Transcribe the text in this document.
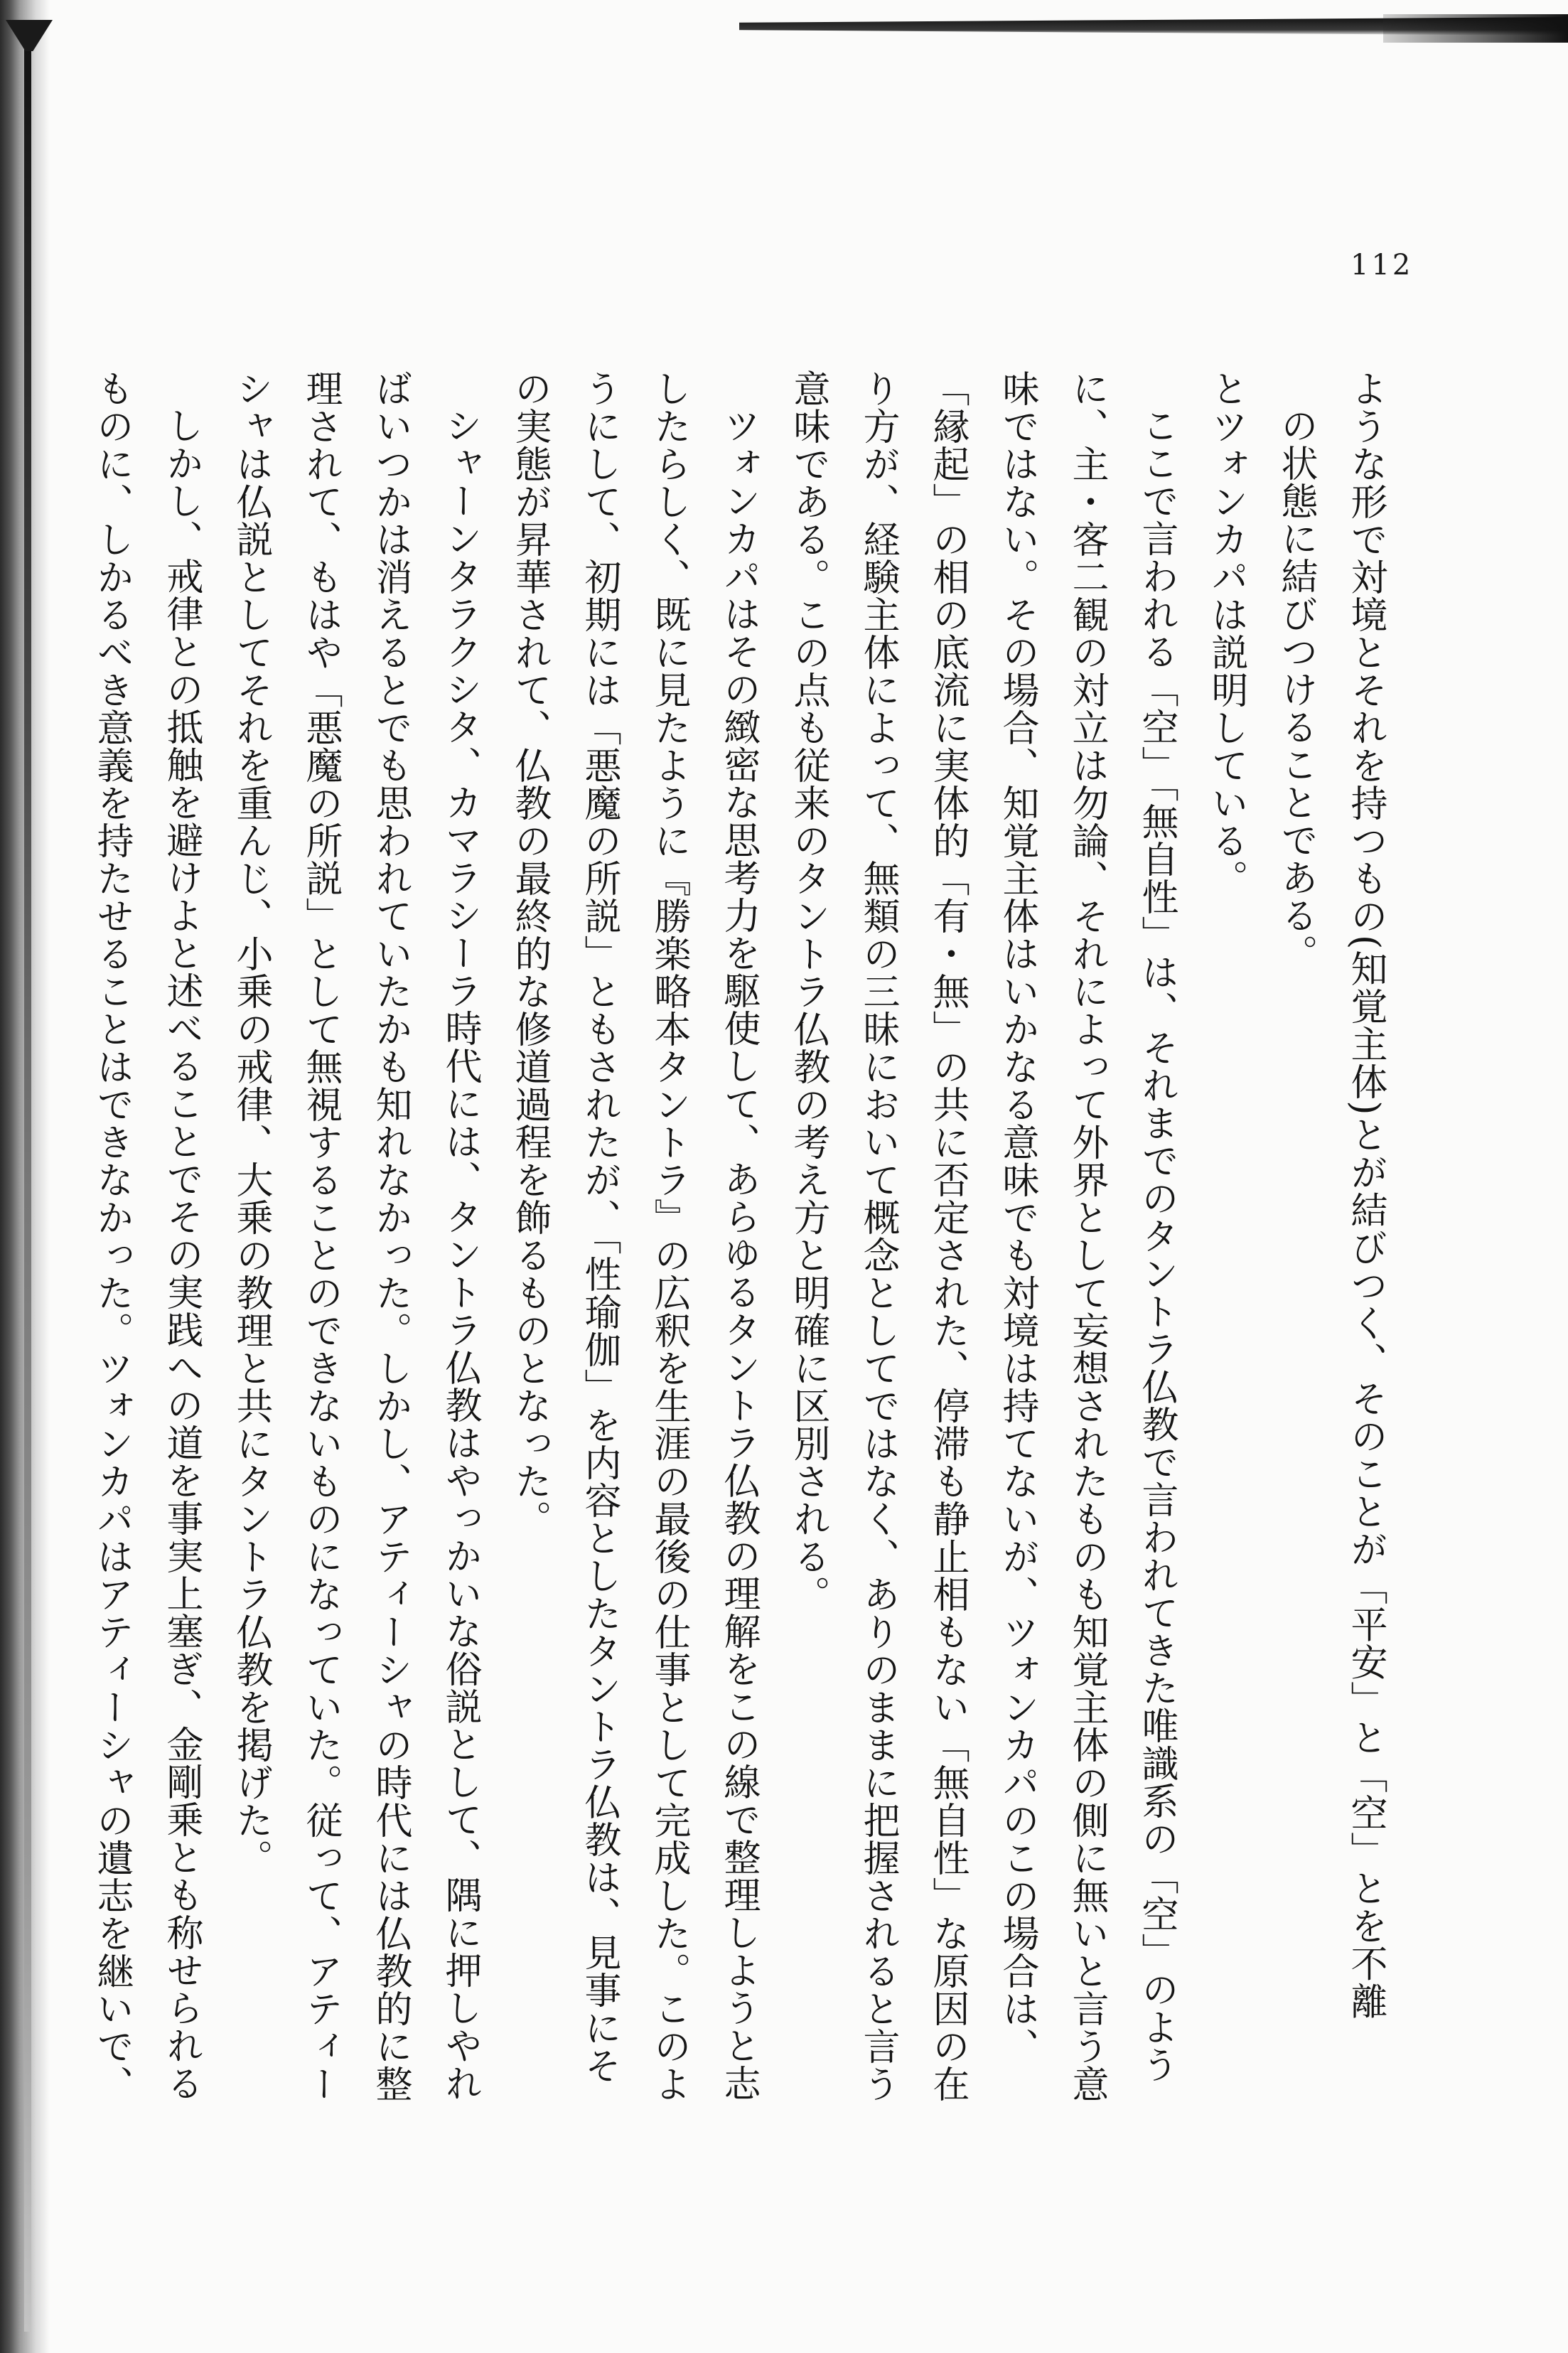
112
ような形で対境とそれを持つもの(知覚主体)とが結びつく、そのことが「平安」と「空」とを不離
の状態に結びつけることである。
とツォンカパは説明している。
ここで言われる「空」「無自性」は、それまでのタントラ仏教で言われてきた唯識系の「空」のよう
に、主・客二観の対立は勿論、それによって外界として妄想されたものも知覚主体の側に無いと言う意
味ではない。その場合、知覚主体はいかなる意味でも対境は持てないが、ツォンカパのこの場合は、
「縁起」の相の底流に実体的「有・無」の共に否定された、停滞も静止相もない「無自性」な原因の在
り方が、経験主体によって、無類の三昧において概念としてではなく、ありのままに把握されると言う
意味である。この点も従来のタントラ仏教の考え方と明確に区別される。
ツォンカパはその緻密な思考力を駆使して、あらゆるタントラ仏教の理解をこの線で整理しようと志
したらしく、既に見たように『勝楽略本タントラ』の広釈を生涯の最後の仕事として完成した。このよ
うにして、初期には「悪魔の所説」ともされたが、「性瑜伽」を内容としたタントラ仏教は、見事にそ
の実態が昇華されて、仏教の最終的な修道過程を飾るものとなった。
シャーンタラクシタ、カマラシーラ時代には、タントラ仏教はやっかいな俗説として、隅に押しやれ
ばいつかは消えるとでも思われていたかも知れなかった。しかし、アティーシャの時代には仏教的に整
理されて、もはや「悪魔の所説」として無視することのできないものになっていた。従って、アティー
シャは仏説としてそれを重んじ、小乗の戒律、大乗の教理と共にタントラ仏教を掲げた。
しかし、戒律との抵触を避けよと述べることでその実践への道を事実上塞ぎ、金剛乗とも称せられる
ものに、しかるべき意義を持たせることはできなかった。ツォンカパはアティーシャの遺志を継いで、
